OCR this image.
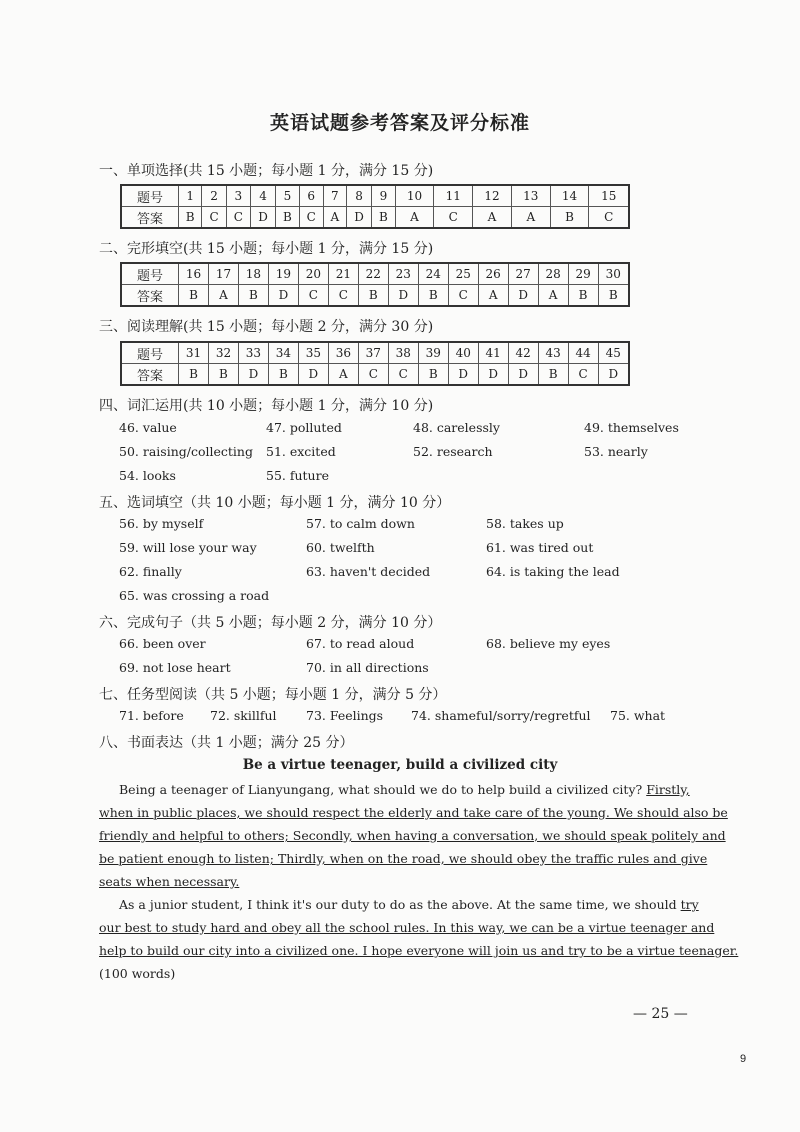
英语试题参考答案及评分标准
一、单项选择(共 15 小题；每小题 1 分，满分 15 分)
题号	1	2	3	4	5	6	7	8	9	10	11	12	13	14	15
答案	B	C	C	D	B	C	A	D	B	A	C	A	A	B	C
二、完形填空(共 15 小题；每小题 1 分，满分 15 分)
题号	16	17	18	19	20	21	22	23	24	25	26	27	28	29	30
答案	B	A	B	D	C	C	B	D	B	C	A	D	A	B	B
三、阅读理解(共 15 小题；每小题 2 分，满分 30 分)
题号	31	32	33	34	35	36	37	38	39	40	41	42	43	44	45
答案	B	B	D	B	D	A	C	C	B	D	D	D	B	C	D
四、词汇运用(共 10 小题；每小题 1 分，满分 10 分)
46. value	47. polluted	48. carelessly	49. themselves
50. raising/collecting 51. excited	52. research	53. nearly
54. looks	55. future
五、选词填空（共 10 小题；每小题 1 分，满分 10 分）
56. by myself	57. to calm down	58. takes up
59. will lose your way	60. twelfth	61. was tired out
62. finally	63. haven't decided	64. is taking the lead
65. was crossing a road
六、完成句子（共 5 小题；每小题 2 分，满分 10 分）
66. been over	67. to read aloud	68. believe my eyes
69. not lose heart	70. in all directions
七、任务型阅读（共 5 小题；每小题 1 分，满分 5 分）
71. before 72. skillful 73. Feelings 74. shameful/sorry/regretful 75. what
八、书面表达（共 1 小题；满分 25 分）
Be a virtue teenager, build a civilized city
Being a teenager of Lianyungang, what should we do to help build a civilized city? Firstly,
when in public places, we should respect the elderly and take care of the young. We should also be
friendly and helpful to others; Secondly, when having a conversation, we should speak politely and
be patient enough to listen; Thirdly, when on the road, we should obey the traffic rules and give
seats when necessary.
As a junior student, I think it's our duty to do as the above. At the same time, we should try
our best to study hard and obey all the school rules. In this way, we can be a virtue teenager and
help to build our city into a civilized one. I hope everyone will join us and try to be a virtue teenager.
(100 words)
— 25 —
9
